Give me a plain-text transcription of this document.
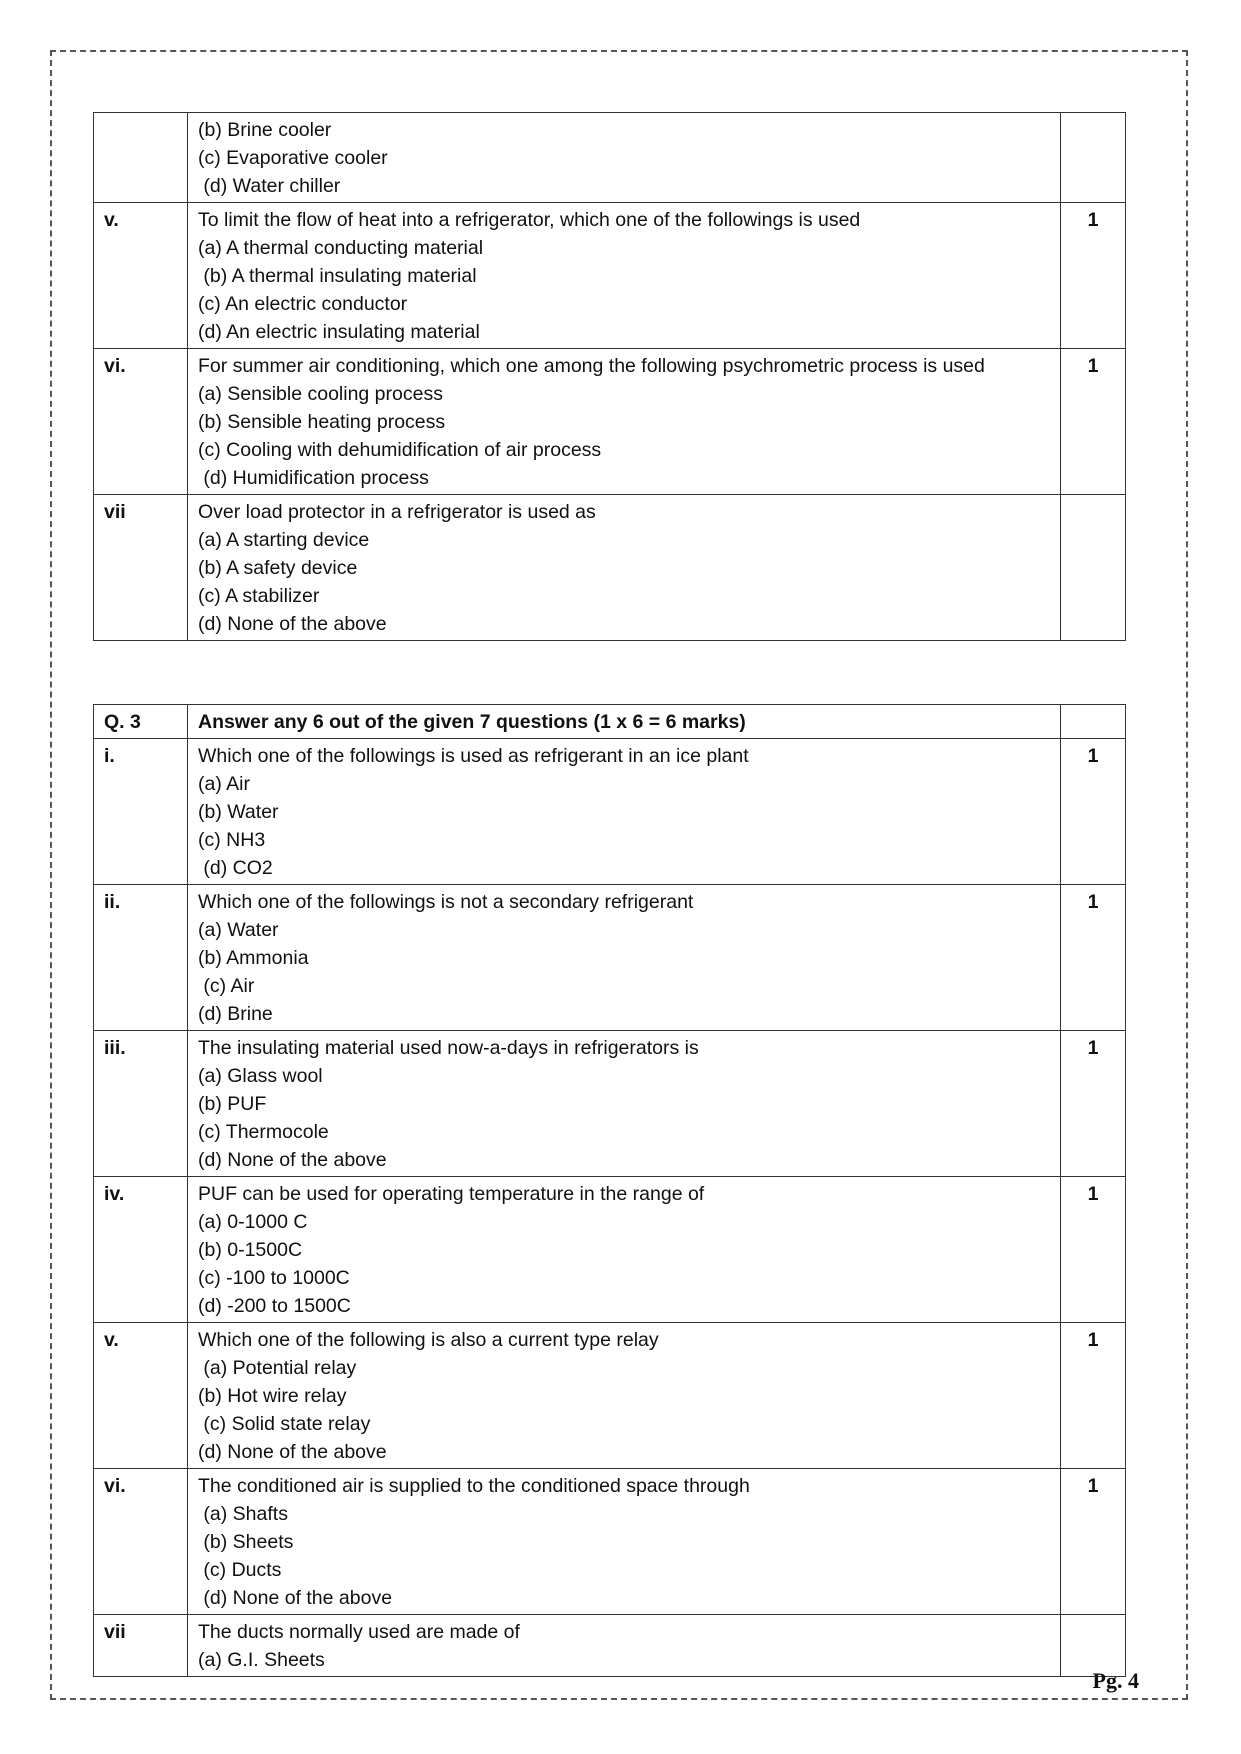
	(b) Brine cooler
(c) Evaporative cooler
(d) Water chiller	

v.	To limit the flow of heat into a refrigerator, which one of the followings is used
(a) A thermal conducting material
(b) A thermal insulating material
(c) An electric conductor
(d) An electric insulating material	1
vi.	For summer air conditioning, which one among the following psychrometric process is used
(a) Sensible cooling process
(b) Sensible heating process
(c) Cooling with dehumidification of air process
(d) Humidification process	1
vii	Over load protector in a refrigerator is used as
(a) A starting device
(b) A safety device
(c) A stabilizer
(d) None of the above	

Q. 3	Answer any 6 out of the given 7 questions (1 x 6 = 6 marks)	
i.	Which one of the followings is used as refrigerant in an ice plant
(a) Air
(b) Water
(c) NH3
(d) CO2	1
ii.	Which one of the followings is not a secondary refrigerant
(a) Water
(b) Ammonia
(c) Air
(d) Brine	1
iii.	The insulating material used now-a-days in refrigerators is
(a) Glass wool
(b) PUF
(c) Thermocole
(d) None of the above	1
iv.	PUF can be used for operating temperature in the range of
(a) 0-1000 C
(b) 0-1500C
(c) -100 to 1000C
(d) -200 to 1500C	1
v.	Which one of the following is also a current type relay
(a) Potential relay
(b) Hot wire relay
(c) Solid state relay
(d) None of the above	1
vi.	The conditioned air is supplied to the conditioned space through
(a) Shafts
(b) Sheets
(c) Ducts
(d) None of the above	1
vii	The ducts normally used are made of
(a) G.I. Sheets	

Pg. 4
